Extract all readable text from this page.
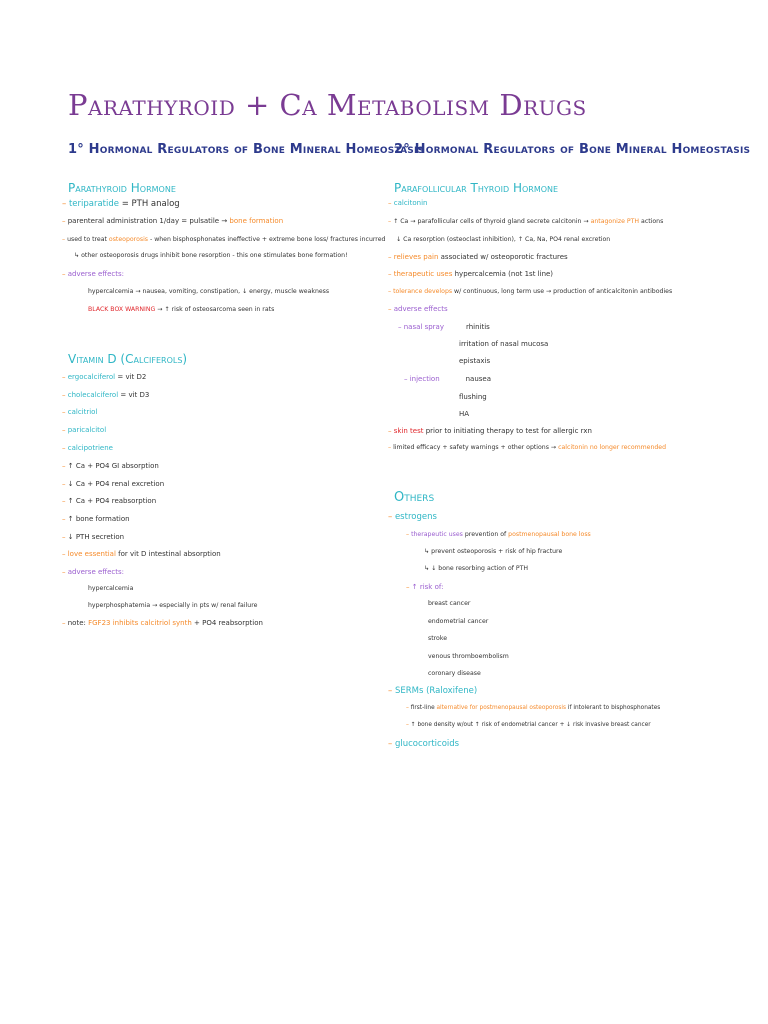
Parathyroid + Ca Metabolism Drugs
1° Hormonal Regulators of Bone Mineral Homeostasis
Parathyroid Hormone
– teriparatide = PTH analog
– parenteral administration 1/day = pulsatile → bone formation
– used to treat osteoporosis - when bisphosphonates ineffective + extreme bone loss/ fractures incurred
↳ other osteoporosis drugs inhibit bone resorption - this one stimulates bone formation!
– adverse effects:
hypercalcemia → nausea, vomiting, constipation, ↓ energy, muscle weakness
BLACK BOX WARNING → ↑ risk of osteosarcoma seen in rats
Vitamin D (Calciferols)
– ergocalciferol = vit D2
– cholecalciferol = vit D3
– calcitriol
– paricalcitol
– calcipotriene
– ↑ Ca + PO4 GI absorption
– ↓ Ca + PO4 renal excretion
– ↑ Ca + PO4 reabsorption
– ↑ bone formation
– ↓ PTH secretion
– love essential for vit D intestinal absorption
– adverse effects:
hypercalcemia
hyperphosphatemia → especially in pts w/ renal failure
– note: FGF23 inhibits calcitriol synth + PO4 reabsorption
2° Hormonal Regulators of Bone Mineral Homeostasis
Parafollicular Thyroid Hormone
– calcitonin
– ↑ Ca → parafollicular cells of thyroid gland secrete calcitonin → antagonize PTH actions
↓ Ca resorption (osteoclast inhibition), ↑ Ca, Na, PO4 renal excretion
– relieves pain associated w/ osteoporotic fractures
– therapeutic uses hypercalcemia (not 1st line)
– tolerance develops w/ continuous, long term use → production of anticalcitonin antibodies
– adverse effects
– nasal spray	rhinitis
irritation of nasal mucosa
epistaxis
– injection	nausea
flushing
HA
– skin test prior to initiating therapy to test for allergic rxn
– limited efficacy + safety warnings + other options → calcitonin no longer recommended
Others
– estrogens
– therapeutic uses prevention of postmenopausal bone loss
↳ prevent osteoporosis + risk of hip fracture
↳ ↓ bone resorbing action of PTH
– ↑ risk of:
breast cancer
endometrial cancer
stroke
venous thromboembolism
coronary disease
– SERMs (Raloxifene)
– first-line alternative for postmenopausal osteoporosis if intolerant to bisphosphonates
– ↑ bone density w/out ↑ risk of endometrial cancer + ↓ risk invasive breast cancer
– glucocorticoids
